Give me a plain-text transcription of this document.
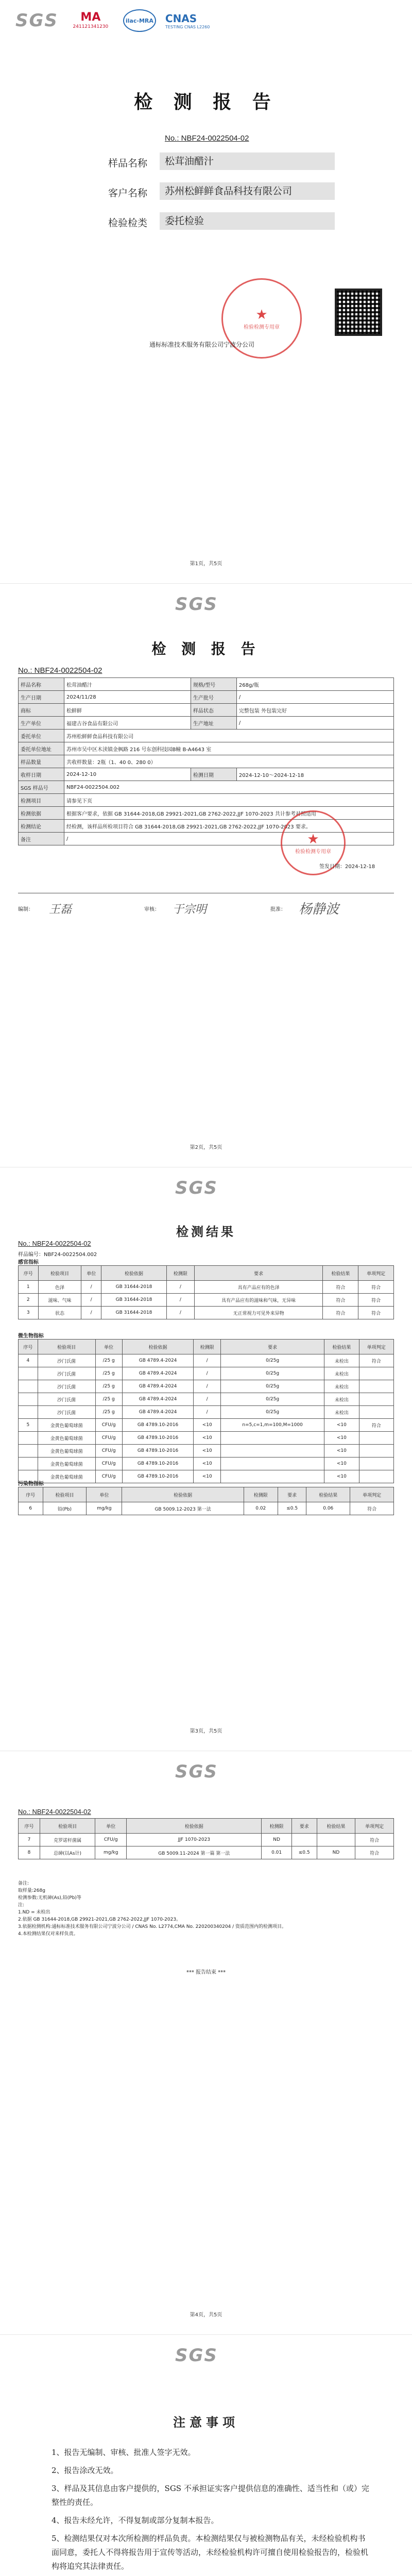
SGS MA
241121341230
ilac-MRA CNAS
TESTING CNAS L2260
检 测 报 告
No.: NBF24-0022504-02
样品名称	松茸油醋汁
客户名称	苏州松鲜鲜食品科技有限公司
检验检类	委托检验
★
检验检测专用章
通标标准技术服务有限公司宁波分公司
第1页，共5页
SGS
检 测 报 告
No.: NBF24-0022504-02
样品名称	松茸油醋汁	规格/型号	268g/瓶
生产日期	2024/11/28	生产批号	/
商标	松鲜鲜	样品状态	完整包装 外包装完好
生产单位	福建古谷食品有限公司	生产地址	/
委托单位	苏州松鲜鲜食品科技有限公司		
委托单位地址	苏州市吴中区木渎镇金枫路 216 号东创科技园B幢 B-A4643 室		
样品数量	共收样数量：2瓶（1、40 0、280 0）		
收样日期	2024-12-10	检测日期	2024-12-10～2024-12-18
SGS 样品号	NBF24-0022504.002		
检测项目	请参见下页		
检测依据	根据客户要求，依据 GB 31644-2018,GB 29921-2021,GB 2762-2022,JJF 1070-2023 共计参考对照适用		
检测结论	经检测，该样品所检项目符合 GB 31644-2018,GB 29921-2021,GB 2762-2022,JJF 1070-2023 要求。		
备注	/			★
检验检测专用章
签发日期：2024-12-18
编制： 王磊	审核： 于宗明	批准： 杨静波
第2页，共5页
SGS
检测结果
No.: NBF24-0022504-02
样品编号：NBF24-0022504.002
感官指标
序号	检验项目	单位	检验依据	检测限	要求	检验结果	单项判定
1	色泽	/	GB 31644-2018	/	具有产品应有的色泽	符合	符合
2	滋味、气味	/	GB 31644-2018	/	具有产品应有的滋味和气味，无异味	符合	符合
3	状态	/	GB 31644-2018	/	无正常视力可见外来异物	符合	符合
微生物指标
序号	检验项目	单位	检验依据	检测限	要求	检验结果	单项判定
4	沙门氏菌	/25 g	GB 4789.4-2024	/	0/25g	未检出	符合
	沙门氏菌	/25 g	GB 4789.4-2024	/	0/25g	未检出	
	沙门氏菌	/25 g	GB 4789.4-2024	/	0/25g	未检出	
	沙门氏菌	/25 g	GB 4789.4-2024	/	0/25g	未检出	
	沙门氏菌	/25 g	GB 4789.4-2024	/	0/25g	未检出	
5	金黄色葡萄球菌	CFU/g	GB 4789.10-2016	<10	n=5,c=1,m=100,M=1000	<10	符合
	金黄色葡萄球菌	CFU/g	GB 4789.10-2016	<10		<10	
	金黄色葡萄球菌	CFU/g	GB 4789.10-2016	<10		<10	
	金黄色葡萄球菌	CFU/g	GB 4789.10-2016	<10		<10	
	金黄色葡萄球菌	CFU/g	GB 4789.10-2016	<10		<10	
污染物指标
序号	检验项目	单位	检验依据	检测限	要求	检验结果	单项判定
6	铅(Pb)	mg/kg	GB 5009.12-2023 第一法	0.02	≤0.5	0.06	符合
第3页，共5页
SGS
No.: NBF24-0022504-02
序号	检验项目	单位	检验依据	检测限	要求	检验结果	单项判定
7	克罗诺杆菌属	CFU/g	JJF 1070-2023	ND			符合
8	总砷(以As计)	mg/kg	GB 5009.11-2024 第一篇 第一法	0.01	≤0.5	ND	符合
备注:
取样量:268g
检测参数:无机砷(As),铅(Pb)等
注:
1.ND = 未检出
2.依据 GB 31644-2018,GB 29921-2021,GB 2762-2022,JJF 1070-2023。
3.依据检测机构:通标标准技术服务有限公司宁波分公司 / CNAS No. L2774,CMA No. 220200340204 / 资质范围内的检测项目。
4.本检测结果仅对来样负责。
*** 报告结束 ***
第4页，共5页
SGS
注意事项

1、报告无编制、审核、批准人签字无效。

2、报告涂改无效。

3、样品及其信息由客户提供的，SGS 不承担证实客户提供信息的准确性、适当性和（或）完整性的责任。

4、报告未经允许，不得复制或部分复制本报告。

5、检测结果仅对本次所检测的样品负责。本检测结果仅与被检测物品有关，未经检验机构书面同意，委托人不得将报告用于宣传等活动，未经检验机构许可擅自使用检验报告的，检验机构将追究其法律责任。
